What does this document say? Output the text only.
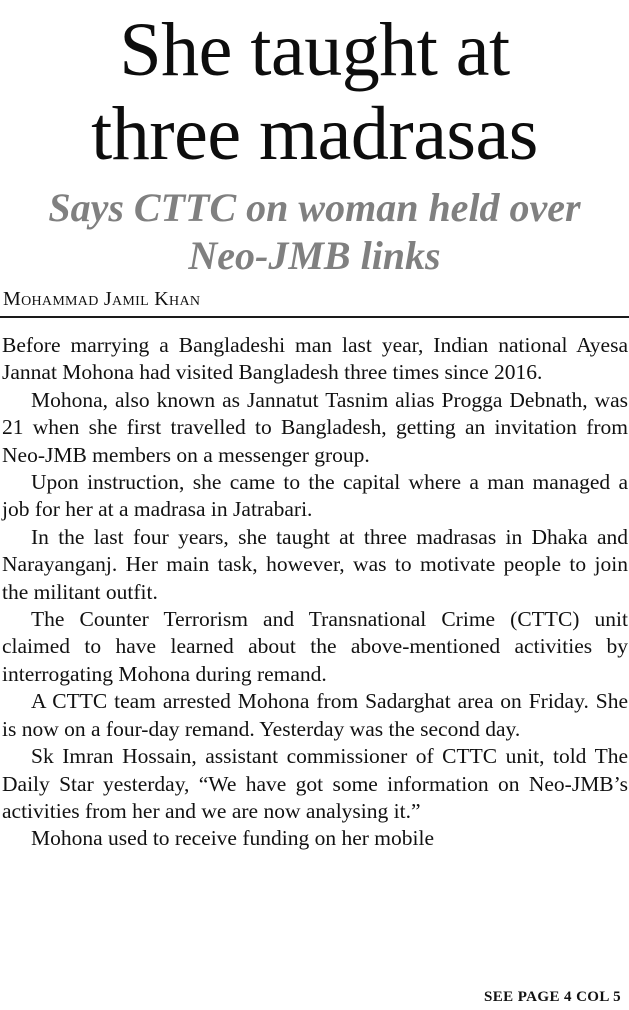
She taught at
three madrasas
Says CTTC on woman held over
Neo-JMB links
Mohammad Jamil Khan

Before marrying a Bangladeshi man last year, Indian national Ayesa Jannat Mohona had visited Bangladesh three times since 2016.

Mohona, also known as Jannatut Tasnim alias Progga Debnath, was 21 when she first travelled to Bangladesh, getting an invitation from Neo-JMB members on a messenger group.

Upon instruction, she came to the capital where a man managed a job for her at a madrasa in Jatrabari.

In the last four years, she taught at three madrasas in Dhaka and Narayanganj. Her main task, however, was to motivate people to join the militant outfit.

The Counter Terrorism and Transnational Crime (CTTC) unit claimed to have learned about the above-mentioned activities by interrogating Mohona during remand.

A CTTC team arrested Mohona from Sadarghat area on Friday. She is now on a four-day remand. Yesterday was the second day.

Sk Imran Hossain, assistant commissioner of CTTC unit, told The Daily Star yesterday, “We have got some information on Neo-JMB’s activities from her and we are now analysing it.”

Mohona used to receive funding on her mobile

SEE PAGE 4 COL 5
